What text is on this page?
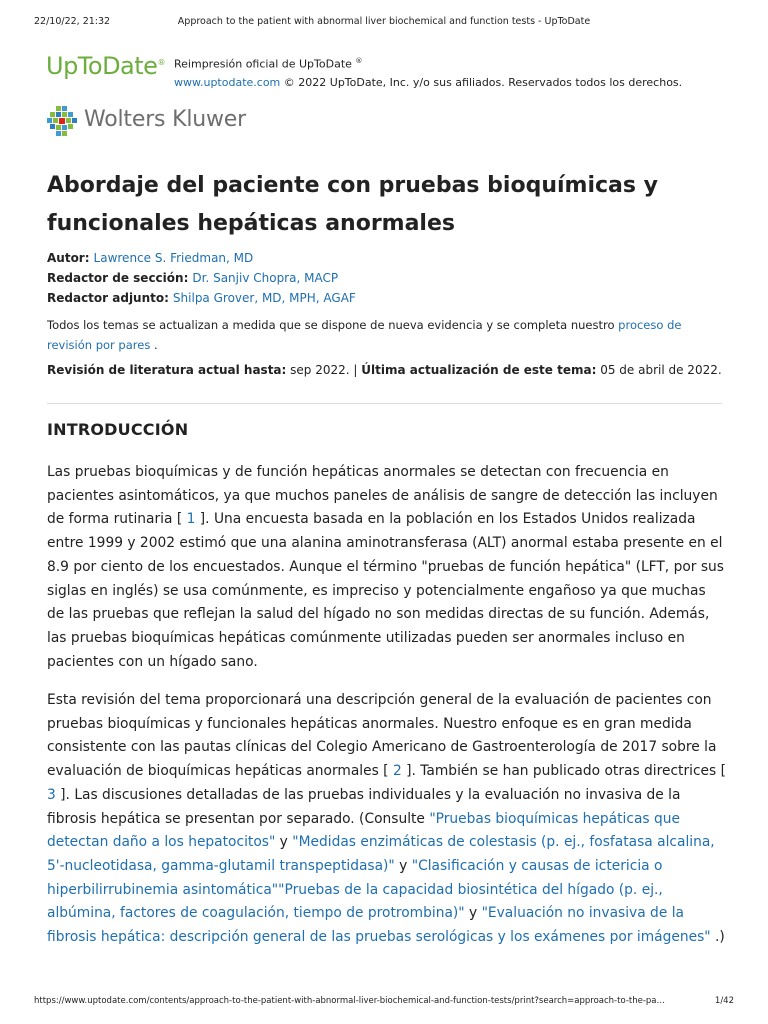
22/10/22, 21:32	Approach to the patient with abnormal liver biochemical and function tests - UpToDate
UpToDate® Reimpresión oficial de UpToDate ®
www.uptodate.com © 2022 UpToDate, Inc. y/o sus afiliados. Reservados todos los derechos.
Wolters Kluwer
Abordaje del paciente con pruebas bioquímicas y
funcionales hepáticas anormales
Autor: Lawrence S. Friedman, MD
Redactor de sección: Dr. Sanjiv Chopra, MACP
Redactor adjunto: Shilpa Grover, MD, MPH, AGAF

Todos los temas se actualizan a medida que se dispone de nueva evidencia y se completa nuestro proceso de revisión por pares .

Revisión de literatura actual hasta: sep 2022. | Última actualización de este tema: 05 de abril de 2022.
INTRODUCCIÓN

Las pruebas bioquímicas y de función hepáticas anormales se detectan con frecuencia en pacientes asintomáticos, ya que muchos paneles de análisis de sangre de detección las incluyen de forma rutinaria [ 1 ]. Una encuesta basada en la población en los Estados Unidos realizada entre 1999 y 2002 estimó que una alanina aminotransferasa (ALT) anormal estaba presente en el 8.9 por ciento de los encuestados. Aunque el término "pruebas de función hepática" (LFT, por sus siglas en inglés) se usa comúnmente, es impreciso y potencialmente engañoso ya que muchas de las pruebas que reflejan la salud del hígado no son medidas directas de su función. Además, las pruebas bioquímicas hepáticas comúnmente utilizadas pueden ser anormales incluso en pacientes con un hígado sano.

Esta revisión del tema proporcionará una descripción general de la evaluación de pacientes con pruebas bioquímicas y funcionales hepáticas anormales. Nuestro enfoque es en gran medida consistente con las pautas clínicas del Colegio Americano de Gastroenterología de 2017 sobre la evaluación de bioquímicas hepáticas anormales [ 2 ]. También se han publicado otras directrices [ 3 ]. Las discusiones detalladas de las pruebas individuales y la evaluación no invasiva de la fibrosis hepática se presentan por separado. (Consulte "Pruebas bioquímicas hepáticas que detectan daño a los hepatocitos" y "Medidas enzimáticas de colestasis (p. ej., fosfatasa alcalina, 5'-nucleotidasa, gamma-glutamil transpeptidasa)" y "Clasificación y causas de ictericia o hiperbilirrubinemia asintomática""Pruebas de la capacidad biosintética del hígado (p. ej., albúmina, factores de coagulación, tiempo de protrombina)" y "Evaluación no invasiva de la fibrosis hepática: descripción general de las pruebas serológicas y los exámenes por imágenes" .)

https://www.uptodate.com/contents/approach-to-the-patient-with-abnormal-liver-biochemical-and-function-tests/print?search=approach-to-the-pa…	1/42
